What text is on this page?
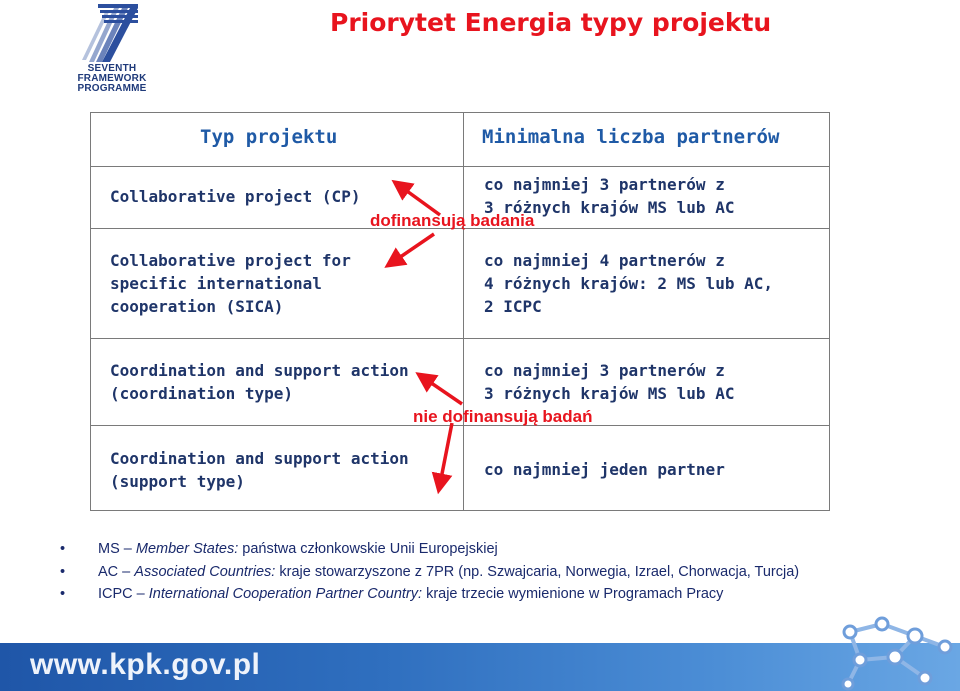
SEVENTH FRAMEWORK
PROGRAMME
Priorytet Energia typy projektu
Typ projektu	Minimalna liczba partnerów
Collaborative project (CP)
co najmniej 3 partnerów z
3 różnych krajów MS lub AC
Collaborative project for
specific international
cooperation (SICA)
co najmniej 4 partnerów z
4 różnych krajów: 2 MS lub AC,
2 ICPC
Coordination and support action
(coordination type)
co najmniej 3 partnerów z
3 różnych krajów MS lub AC
Coordination and support action
(support type)
co najmniej jeden partner
dofinansują badania
nie dofinansują badań
• MS – Member States: państwa członkowskie Unii Europejskiej
• AC – Associated Countries: kraje stowarzyszone z 7PR (np. Szwajcaria, Norwegia, Izrael, Chorwacja, Turcja)
• ICPC – International Cooperation Partner Country: kraje trzecie wymienione w Programach Pracy
www.kpk.gov.pl
